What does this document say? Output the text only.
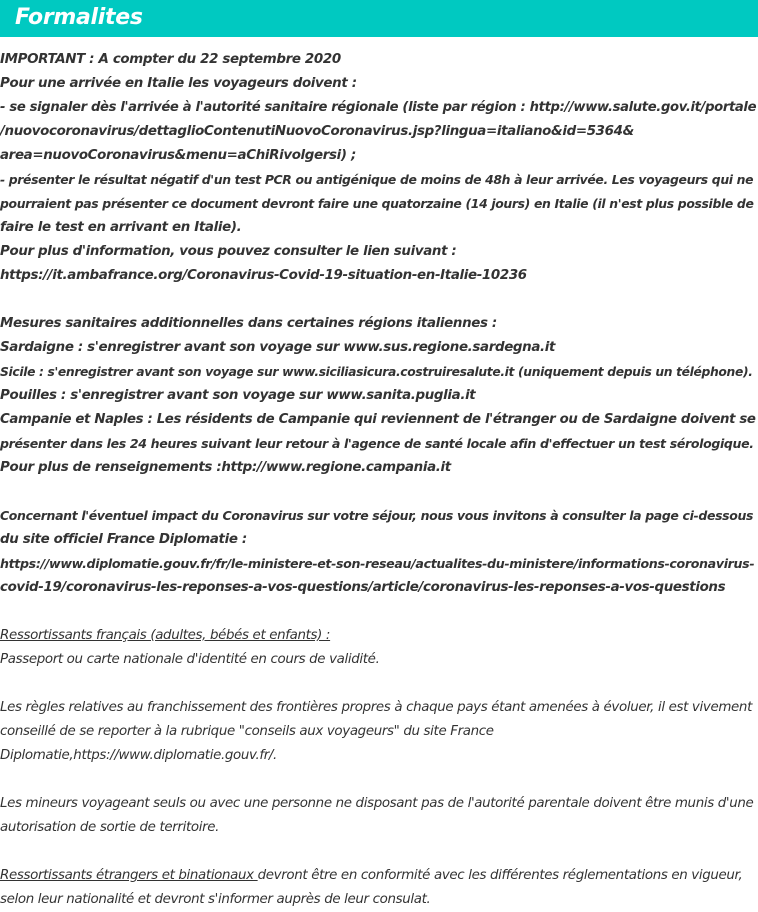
Formalites
IMPORTANT : A compter du 22 septembre 2020
Pour une arrivée en Italie les voyageurs doivent :
- se signaler dès l'arrivée à l'autorité sanitaire régionale (liste par région : http://www.salute.gov.it/portale
/nuovocoronavirus/dettaglioContenutiNuovoCoronavirus.jsp?lingua=italiano&id=5364&
area=nuovoCoronavirus&menu=aChiRivolgersi) ;
- présenter le résultat négatif d'un test PCR ou antigénique de moins de 48h à leur arrivée. Les voyageurs qui ne
pourraient pas présenter ce document devront faire une quatorzaine (14 jours) en Italie (il n'est plus possible de
faire le test en arrivant en Italie).
Pour plus d'information, vous pouvez consulter le lien suivant :
https://it.ambafrance.org/Coronavirus-Covid-19-situation-en-Italie-10236
Mesures sanitaires additionnelles dans certaines régions italiennes :
Sardaigne : s'enregistrer avant son voyage sur www.sus.regione.sardegna.it
Sicile : s'enregistrer avant son voyage sur www.siciliasicura.costruiresalute.it (uniquement depuis un téléphone).
Pouilles : s'enregistrer avant son voyage sur www.sanita.puglia.it
Campanie et Naples : Les résidents de Campanie qui reviennent de l'étranger ou de Sardaigne doivent se
présenter dans les 24 heures suivant leur retour à l'agence de santé locale afin d'effectuer un test sérologique.
Pour plus de renseignements :http://www.regione.campania.it
Concernant l'éventuel impact du Coronavirus sur votre séjour, nous vous invitons à consulter la page ci-dessous
du site officiel France Diplomatie :
https://www.diplomatie.gouv.fr/fr/le-ministere-et-son-reseau/actualites-du-ministere/informations-coronavirus-
covid-19/coronavirus-les-reponses-a-vos-questions/article/coronavirus-les-reponses-a-vos-questions
Ressortissants français (adultes, bébés et enfants) :
Passeport ou carte nationale d'identité en cours de validité.
Les règles relatives au franchissement des frontières propres à chaque pays étant amenées à évoluer, il est vivement
conseillé de se reporter à la rubrique "conseils aux voyageurs" du site France
Diplomatie,https://www.diplomatie.gouv.fr/.
Les mineurs voyageant seuls ou avec une personne ne disposant pas de l'autorité parentale doivent être munis d'une
autorisation de sortie de territoire.
Ressortissants étrangers et binationaux devront être en conformité avec les différentes réglementations en vigueur,
selon leur nationalité et devront s'informer auprès de leur consulat.
